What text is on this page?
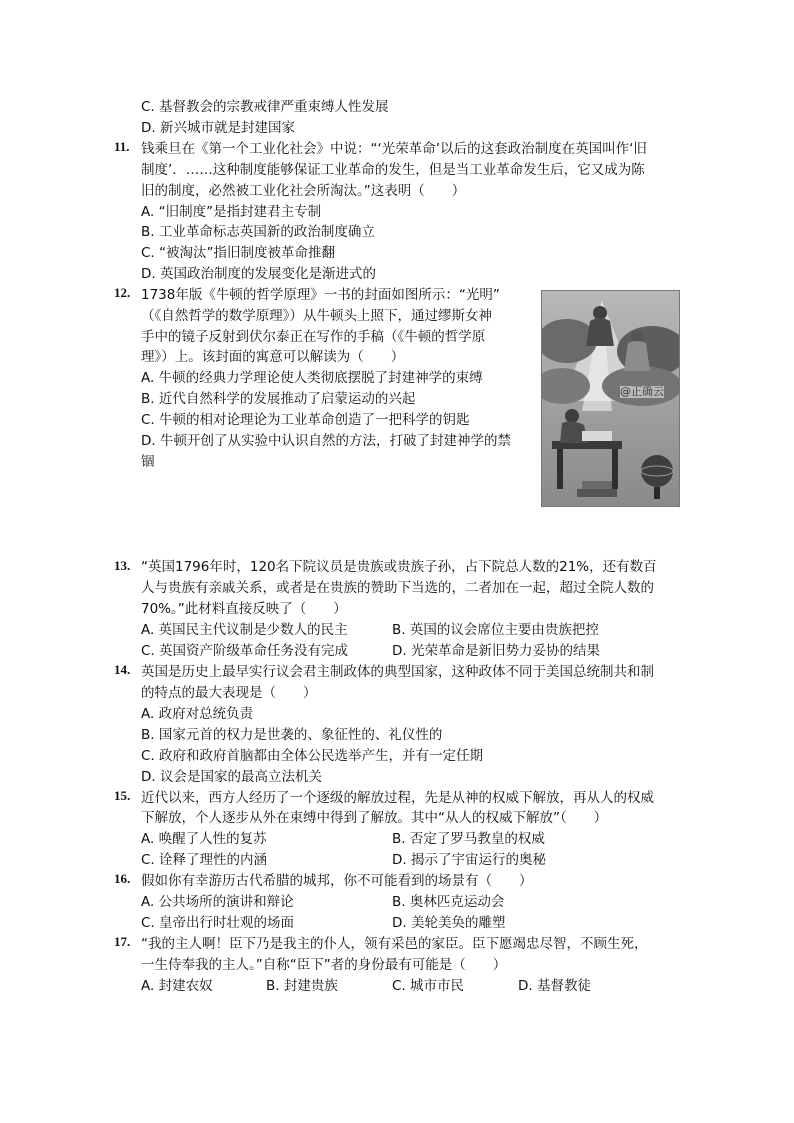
C. 基督教会的宗教戒律严重束缚人性发展
D. 新兴城市就是封建国家
11. 钱乘旦在《第一个工业化社会》中说：“‘光荣革命’以后的这套政治制度在英国叫作‘旧
制度’．……这种制度能够保证工业革命的发生，但是当工业革命发生后，它又成为陈
旧的制度，必然被工业化社会所淘汰。”这表明（　　）
A. “旧制度”是指封建君主专制
B. 工业革命标志英国新的政治制度确立
C. “被淘汰”指旧制度被革命推翻
D. 英国政治制度的发展变化是渐进式的
12. 1738年版《牛顿的哲学原理》一书的封面如图所示：“光明”
（《自然哲学的数学原理》）从牛顿头上照下，通过缪斯女神
手中的镜子反射到伏尔泰正在写作的手稿（《牛顿的哲学原
理》）上。该封面的寓意可以解读为（　　）
A. 牛顿的经典力学理论使人类彻底摆脱了封建神学的束缚
B. 近代自然科学的发展推动了启蒙运动的兴起
C. 牛顿的相对论理论为工业革命创造了一把科学的钥匙
D. 牛顿开创了从实验中认识自然的方法，打破了封建神学的禁
锢
@正确云
13. “英国1796年时，120名下院议员是贵族或贵族子孙，占下院总人数的21%，还有数百
人与贵族有亲戚关系，或者是在贵族的赞助下当选的，二者加在一起，超过全院人数的
70%。”此材料直接反映了（　　）
A. 英国民主代议制是少数人的民主	B. 英国的议会席位主要由贵族把控
C. 英国资产阶级革命任务没有完成	D. 光荣革命是新旧势力妥协的结果
14. 英国是历史上最早实行议会君主制政体的典型国家，这种政体不同于美国总统制共和制
的特点的最大表现是（　　）
A. 政府对总统负责
B. 国家元首的权力是世袭的、象征性的、礼仪性的
C. 政府和政府首脑都由全体公民选举产生，并有一定任期
D. 议会是国家的最高立法机关
15. 近代以来，西方人经历了一个逐级的解放过程，先是从神的权威下解放，再从人的权威
下解放，个人逐步从外在束缚中得到了解放。其中“从人的权威下解放”（　　）
A. 唤醒了人性的复苏	B. 否定了罗马教皇的权威
C. 诠释了理性的内涵	D. 揭示了宇宙运行的奥秘
16. 假如你有幸游历古代希腊的城邦，你不可能看到的场景有（　　）
A. 公共场所的演讲和辩论	B. 奥林匹克运动会
C. 皇帝出行时壮观的场面	D. 美轮美奂的雕塑
17. “我的主人啊！臣下乃是我主的仆人，领有采邑的家臣。臣下愿竭忠尽智，不顾生死，
一生侍奉我的主人。”自称“臣下”者的身份最有可能是（　　）
A. 封建农奴	B. 封建贵族	C. 城市市民	D. 基督教徒
